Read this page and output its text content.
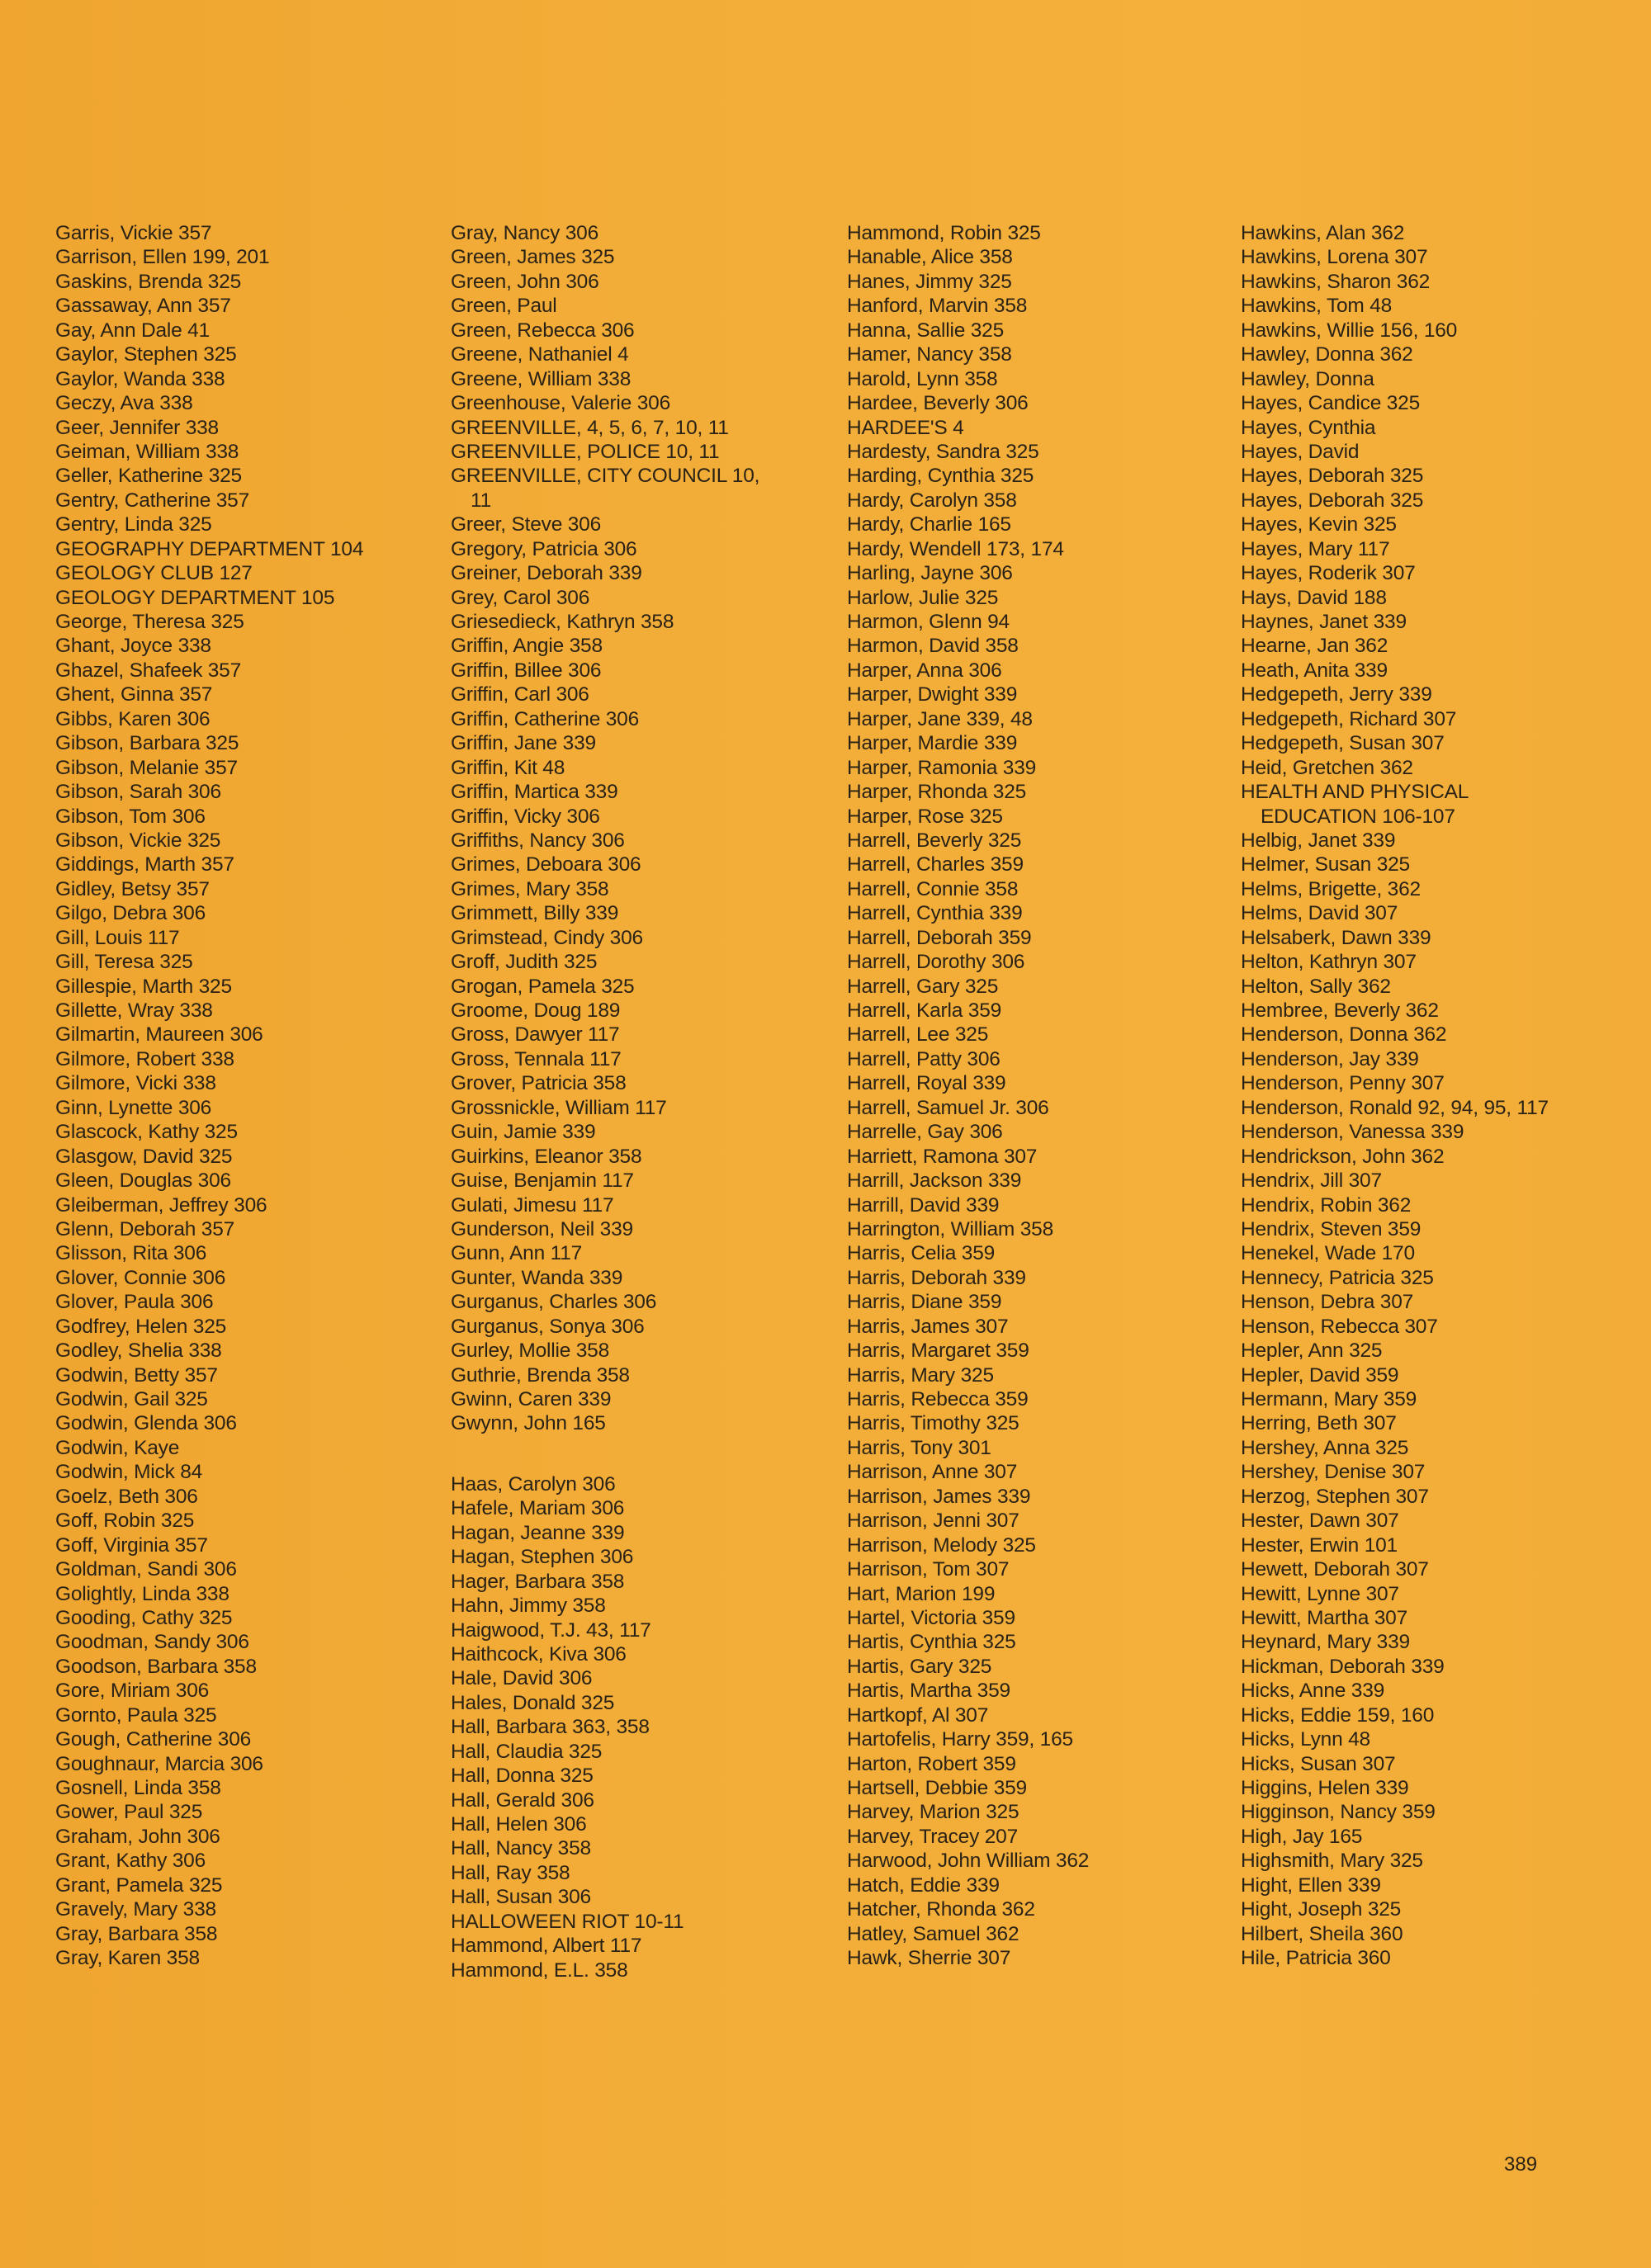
Garris, Vickie 357
Garrison, Ellen 199, 201
Gaskins, Brenda 325
Gassaway, Ann 357
Gay, Ann Dale 41
Gaylor, Stephen 325
Gaylor, Wanda 338
Geczy, Ava 338
Geer, Jennifer 338
Geiman, William 338
Geller, Katherine 325
Gentry, Catherine 357
Gentry, Linda 325
GEOGRAPHY DEPARTMENT 104
GEOLOGY CLUB 127
GEOLOGY DEPARTMENT 105
George, Theresa 325
Ghant, Joyce 338
Ghazel, Shafeek 357
Ghent, Ginna 357
Gibbs, Karen 306
Gibson, Barbara 325
Gibson, Melanie 357
Gibson, Sarah 306
Gibson, Tom 306
Gibson, Vickie 325
Giddings, Marth 357
Gidley, Betsy 357
Gilgo, Debra 306
Gill, Louis 117
Gill, Teresa 325
Gillespie, Marth 325
Gillette, Wray 338
Gilmartin, Maureen 306
Gilmore, Robert 338
Gilmore, Vicki 338
Ginn, Lynette 306
Glascock, Kathy 325
Glasgow, David 325
Gleen, Douglas 306
Gleiberman, Jeffrey 306
Glenn, Deborah 357
Glisson, Rita 306
Glover, Connie 306
Glover, Paula 306
Godfrey, Helen 325
Godley, Shelia 338
Godwin, Betty 357
Godwin, Gail 325
Godwin, Glenda 306
Godwin, Kaye
Godwin, Mick 84
Goelz, Beth 306
Goff, Robin 325
Goff, Virginia 357
Goldman, Sandi 306
Golightly, Linda 338
Gooding, Cathy 325
Goodman, Sandy 306
Goodson, Barbara 358
Gore, Miriam 306
Gornto, Paula 325
Gough, Catherine 306
Goughnaur, Marcia 306
Gosnell, Linda 358
Gower, Paul 325
Graham, John 306
Grant, Kathy 306
Grant, Pamela 325
Gravely, Mary 338
Gray, Barbara 358
Gray, Karen 358
Gray, Nancy 306
Green, James 325
Green, John 306
Green, Paul
Green, Rebecca 306
Greene, Nathaniel 4
Greene, William 338
Greenhouse, Valerie 306
GREENVILLE, 4, 5, 6, 7, 10, 11
GREENVILLE, POLICE 10, 11
GREENVILLE, CITY COUNCIL 10,
11
Greer, Steve 306
Gregory, Patricia 306
Greiner, Deborah 339
Grey, Carol 306
Griesedieck, Kathryn 358
Griffin, Angie 358
Griffin, Billee 306
Griffin, Carl 306
Griffin, Catherine 306
Griffin, Jane 339
Griffin, Kit 48
Griffin, Martica 339
Griffin, Vicky 306
Griffiths, Nancy 306
Grimes, Deboara 306
Grimes, Mary 358
Grimmett, Billy 339
Grimstead, Cindy 306
Groff, Judith 325
Grogan, Pamela 325
Groome, Doug 189
Gross, Dawyer 117
Gross, Tennala 117
Grover, Patricia 358
Grossnickle, William 117
Guin, Jamie 339
Guirkins, Eleanor 358
Guise, Benjamin 117
Gulati, Jimesu 117
Gunderson, Neil 339
Gunn, Ann 117
Gunter, Wanda 339
Gurganus, Charles 306
Gurganus, Sonya 306
Gurley, Mollie 358
Guthrie, Brenda 358
Gwinn, Caren 339
Gwynn, John 165
Haas, Carolyn 306
Hafele, Mariam 306
Hagan, Jeanne 339
Hagan, Stephen 306
Hager, Barbara 358
Hahn, Jimmy 358
Haigwood, T.J. 43, 117
Haithcock, Kiva 306
Hale, David 306
Hales, Donald 325
Hall, Barbara 363, 358
Hall, Claudia 325
Hall, Donna 325
Hall, Gerald 306
Hall, Helen 306
Hall, Nancy 358
Hall, Ray 358
Hall, Susan 306
HALLOWEEN RIOT 10-11
Hammond, Albert 117
Hammond, E.L. 358
Hammond, Robin 325
Hanable, Alice 358
Hanes, Jimmy 325
Hanford, Marvin 358
Hanna, Sallie 325
Hamer, Nancy 358
Harold, Lynn 358
Hardee, Beverly 306
HARDEE'S 4
Hardesty, Sandra 325
Harding, Cynthia 325
Hardy, Carolyn 358
Hardy, Charlie 165
Hardy, Wendell 173, 174
Harling, Jayne 306
Harlow, Julie 325
Harmon, Glenn 94
Harmon, David 358
Harper, Anna 306
Harper, Dwight 339
Harper, Jane 339, 48
Harper, Mardie 339
Harper, Ramonia 339
Harper, Rhonda 325
Harper, Rose 325
Harrell, Beverly 325
Harrell, Charles 359
Harrell, Connie 358
Harrell, Cynthia 339
Harrell, Deborah 359
Harrell, Dorothy 306
Harrell, Gary 325
Harrell, Karla 359
Harrell, Lee 325
Harrell, Patty 306
Harrell, Royal 339
Harrell, Samuel Jr. 306
Harrelle, Gay 306
Harriett, Ramona 307
Harrill, Jackson 339
Harrill, David 339
Harrington, William 358
Harris, Celia 359
Harris, Deborah 339
Harris, Diane 359
Harris, James 307
Harris, Margaret 359
Harris, Mary 325
Harris, Rebecca 359
Harris, Timothy 325
Harris, Tony 301
Harrison, Anne 307
Harrison, James 339
Harrison, Jenni 307
Harrison, Melody 325
Harrison, Tom 307
Hart, Marion 199
Hartel, Victoria 359
Hartis, Cynthia 325
Hartis, Gary 325
Hartis, Martha 359
Hartkopf, Al 307
Hartofelis, Harry 359, 165
Harton, Robert 359
Hartsell, Debbie 359
Harvey, Marion 325
Harvey, Tracey 207
Harwood, John William 362
Hatch, Eddie 339
Hatcher, Rhonda 362
Hatley, Samuel 362
Hawk, Sherrie 307
Hawkins, Alan 362
Hawkins, Lorena 307
Hawkins, Sharon 362
Hawkins, Tom 48
Hawkins, Willie 156, 160
Hawley, Donna 362
Hawley, Donna
Hayes, Candice 325
Hayes, Cynthia
Hayes, David
Hayes, Deborah 325
Hayes, Deborah 325
Hayes, Kevin 325
Hayes, Mary 117
Hayes, Roderik 307
Hays, David 188
Haynes, Janet 339
Hearne, Jan 362
Heath, Anita 339
Hedgepeth, Jerry 339
Hedgepeth, Richard 307
Hedgepeth, Susan 307
Heid, Gretchen 362
HEALTH AND PHYSICAL
EDUCATION 106-107
Helbig, Janet 339
Helmer, Susan 325
Helms, Brigette, 362
Helms, David 307
Helsaberk, Dawn 339
Helton, Kathryn 307
Helton, Sally 362
Hembree, Beverly 362
Henderson, Donna 362
Henderson, Jay 339
Henderson, Penny 307
Henderson, Ronald 92, 94, 95, 117
Henderson, Vanessa 339
Hendrickson, John 362
Hendrix, Jill 307
Hendrix, Robin 362
Hendrix, Steven 359
Henekel, Wade 170
Hennecy, Patricia 325
Henson, Debra 307
Henson, Rebecca 307
Hepler, Ann 325
Hepler, David 359
Hermann, Mary 359
Herring, Beth 307
Hershey, Anna 325
Hershey, Denise 307
Herzog, Stephen 307
Hester, Dawn 307
Hester, Erwin 101
Hewett, Deborah 307
Hewitt, Lynne 307
Hewitt, Martha 307
Heynard, Mary 339
Hickman, Deborah 339
Hicks, Anne 339
Hicks, Eddie 159, 160
Hicks, Lynn 48
Hicks, Susan 307
Higgins, Helen 339
Higginson, Nancy 359
High, Jay 165
Highsmith, Mary 325
Hight, Ellen 339
Hight, Joseph 325
Hilbert, Sheila 360
Hile, Patricia 360
389
